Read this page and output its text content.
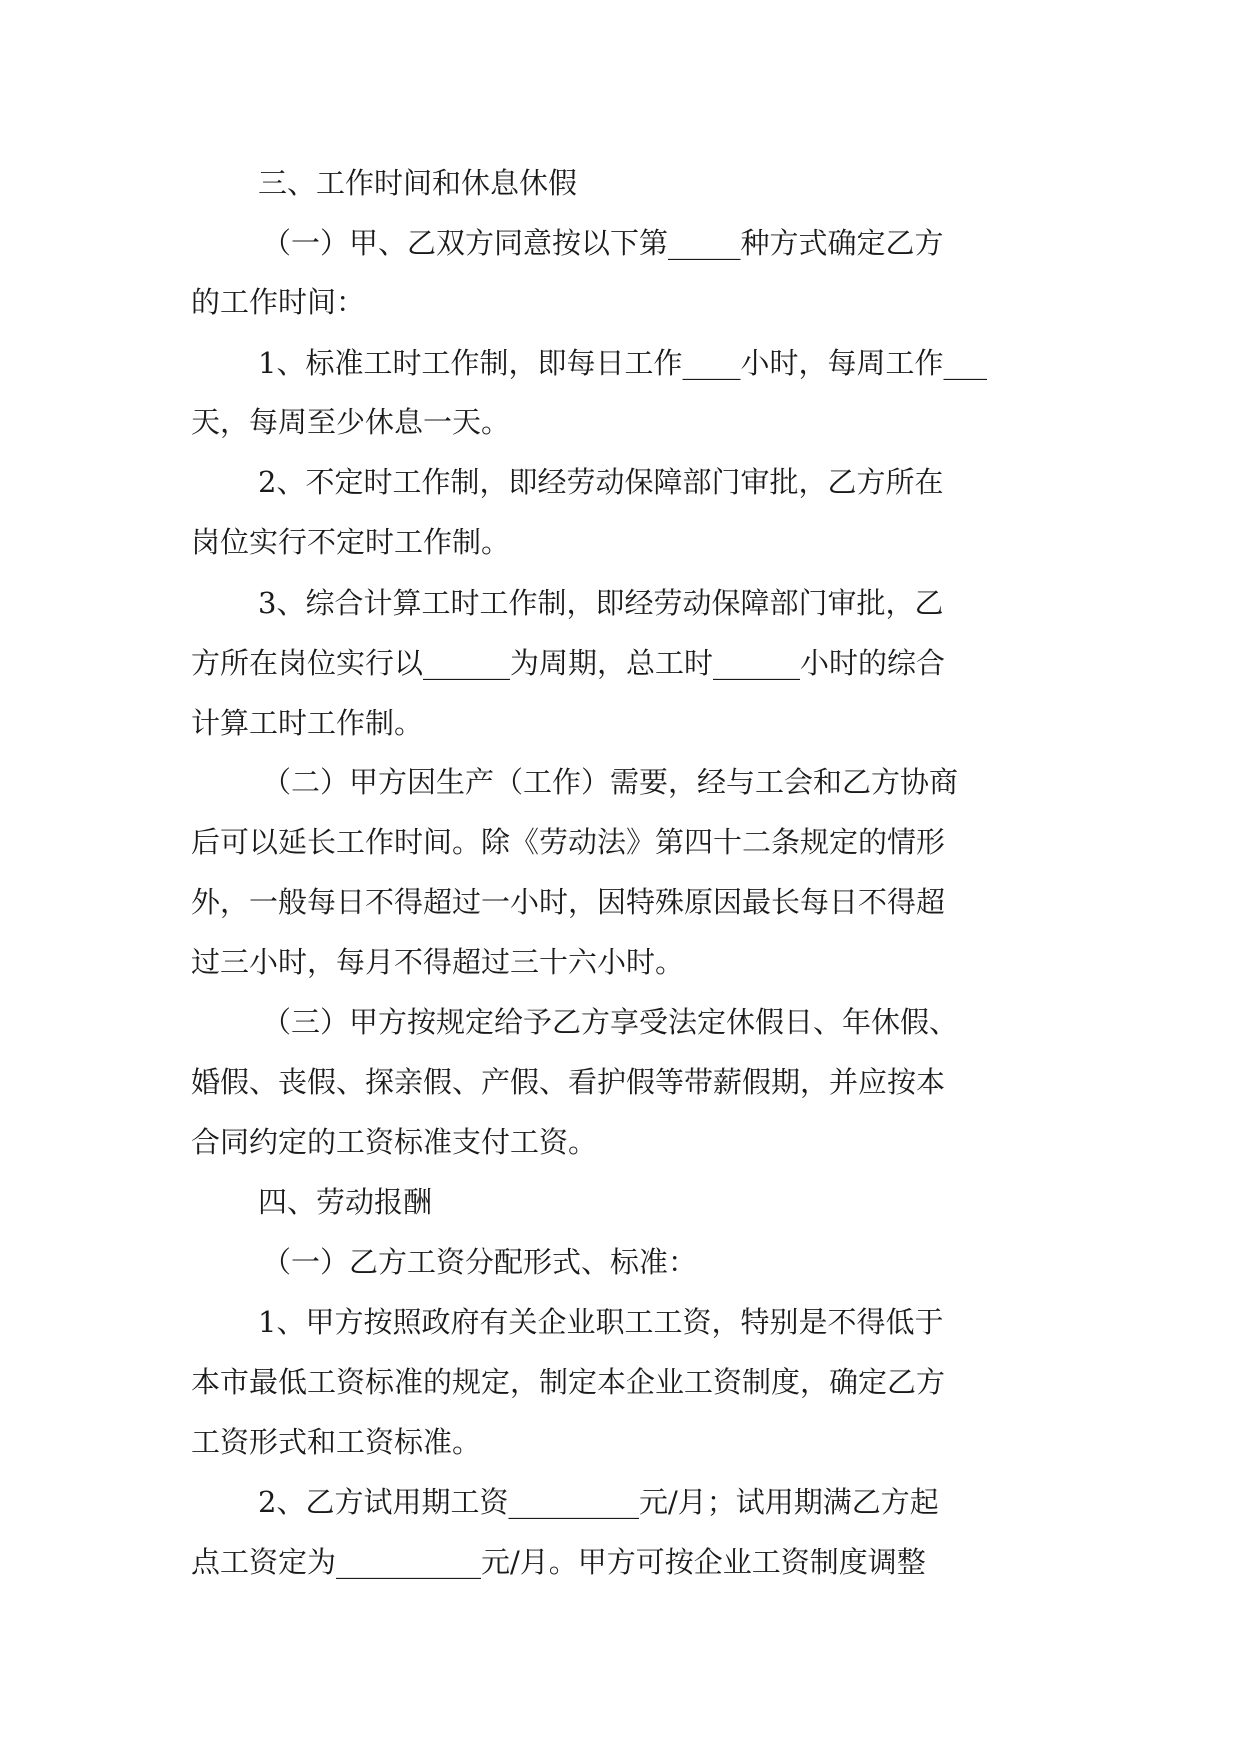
三、工作时间和休息休假
（一）甲、乙双方同意按以下第_____种方式确定乙方
的工作时间：
1、标准工时工作制，即每日工作____小时，每周工作___
天，每周至少休息一天。
2、不定时工作制，即经劳动保障部门审批，乙方所在
岗位实行不定时工作制。
3、综合计算工时工作制，即经劳动保障部门审批，乙
方所在岗位实行以______为周期，总工时______小时的综合
计算工时工作制。
（二）甲方因生产（工作）需要，经与工会和乙方协商
后可以延长工作时间。除《劳动法》第四十二条规定的情形
外，一般每日不得超过一小时，因特殊原因最长每日不得超
过三小时，每月不得超过三十六小时。
（三）甲方按规定给予乙方享受法定休假日、年休假、
婚假、丧假、探亲假、产假、看护假等带薪假期，并应按本
合同约定的工资标准支付工资。
四、劳动报酬
（一）乙方工资分配形式、标准：
1、甲方按照政府有关企业职工工资，特别是不得低于
本市最低工资标准的规定，制定本企业工资制度，确定乙方
工资形式和工资标准。
2、乙方试用期工资_________元/月；试用期满乙方起
点工资定为__________元/月。甲方可按企业工资制度调整
